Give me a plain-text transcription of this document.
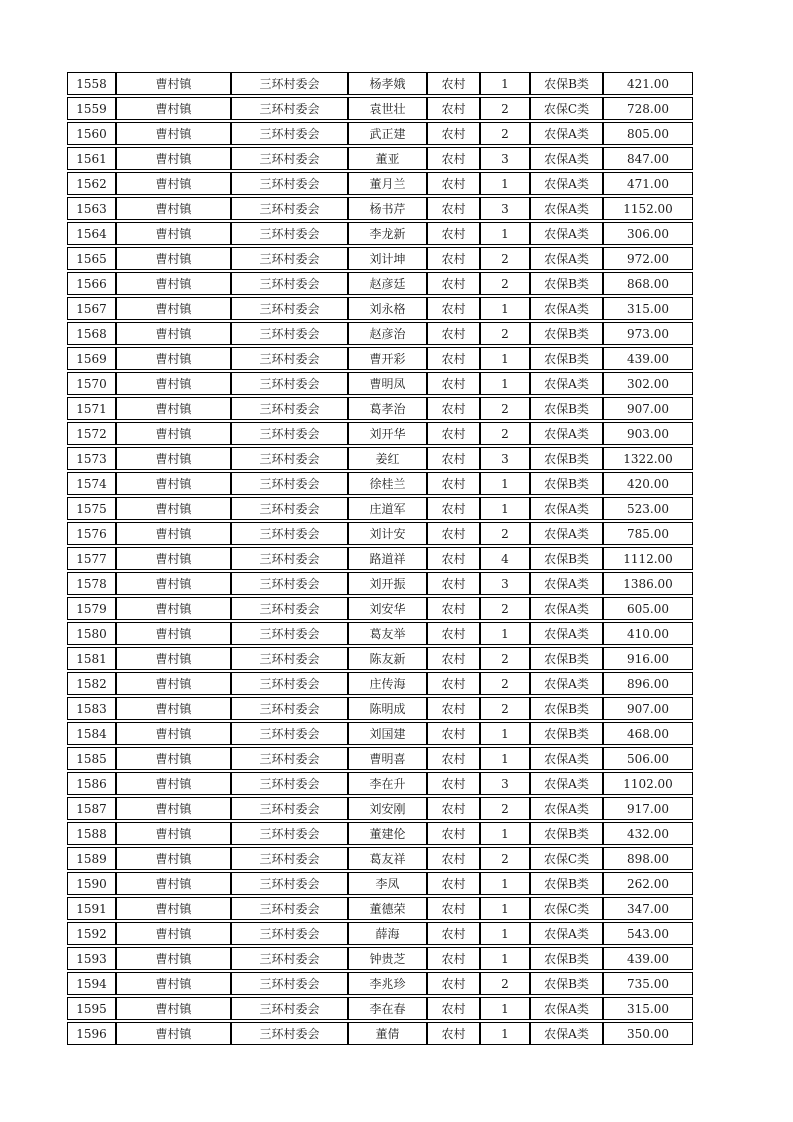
1558	曹村镇	三环村委会	杨孝娥	农村	1	农保B类	421.00
1559	曹村镇	三环村委会	袁世壮	农村	2	农保C类	728.00
1560	曹村镇	三环村委会	武正建	农村	2	农保A类	805.00
1561	曹村镇	三环村委会	董亚	农村	3	农保A类	847.00
1562	曹村镇	三环村委会	董月兰	农村	1	农保A类	471.00
1563	曹村镇	三环村委会	杨书芹	农村	3	农保A类	1152.00
1564	曹村镇	三环村委会	李龙新	农村	1	农保A类	306.00
1565	曹村镇	三环村委会	刘计坤	农村	2	农保A类	972.00
1566	曹村镇	三环村委会	赵彦廷	农村	2	农保B类	868.00
1567	曹村镇	三环村委会	刘永格	农村	1	农保A类	315.00
1568	曹村镇	三环村委会	赵彦治	农村	2	农保B类	973.00
1569	曹村镇	三环村委会	曹开彩	农村	1	农保B类	439.00
1570	曹村镇	三环村委会	曹明凤	农村	1	农保A类	302.00
1571	曹村镇	三环村委会	葛孝治	农村	2	农保B类	907.00
1572	曹村镇	三环村委会	刘开华	农村	2	农保A类	903.00
1573	曹村镇	三环村委会	姜红	农村	3	农保B类	1322.00
1574	曹村镇	三环村委会	徐桂兰	农村	1	农保B类	420.00
1575	曹村镇	三环村委会	庄道军	农村	1	农保A类	523.00
1576	曹村镇	三环村委会	刘计安	农村	2	农保A类	785.00
1577	曹村镇	三环村委会	路道祥	农村	4	农保B类	1112.00
1578	曹村镇	三环村委会	刘开振	农村	3	农保A类	1386.00
1579	曹村镇	三环村委会	刘安华	农村	2	农保A类	605.00
1580	曹村镇	三环村委会	葛友举	农村	1	农保A类	410.00
1581	曹村镇	三环村委会	陈友新	农村	2	农保B类	916.00
1582	曹村镇	三环村委会	庄传海	农村	2	农保A类	896.00
1583	曹村镇	三环村委会	陈明成	农村	2	农保B类	907.00
1584	曹村镇	三环村委会	刘国建	农村	1	农保B类	468.00
1585	曹村镇	三环村委会	曹明喜	农村	1	农保A类	506.00
1586	曹村镇	三环村委会	李在升	农村	3	农保A类	1102.00
1587	曹村镇	三环村委会	刘安刚	农村	2	农保A类	917.00
1588	曹村镇	三环村委会	董建伦	农村	1	农保B类	432.00
1589	曹村镇	三环村委会	葛友祥	农村	2	农保C类	898.00
1590	曹村镇	三环村委会	李凤	农村	1	农保B类	262.00
1591	曹村镇	三环村委会	董德荣	农村	1	农保C类	347.00
1592	曹村镇	三环村委会	薛海	农村	1	农保A类	543.00
1593	曹村镇	三环村委会	钟贵芝	农村	1	农保B类	439.00
1594	曹村镇	三环村委会	李兆珍	农村	2	农保B类	735.00
1595	曹村镇	三环村委会	李在春	农村	1	农保A类	315.00
1596	曹村镇	三环村委会	董倩	农村	1	农保A类	350.00
